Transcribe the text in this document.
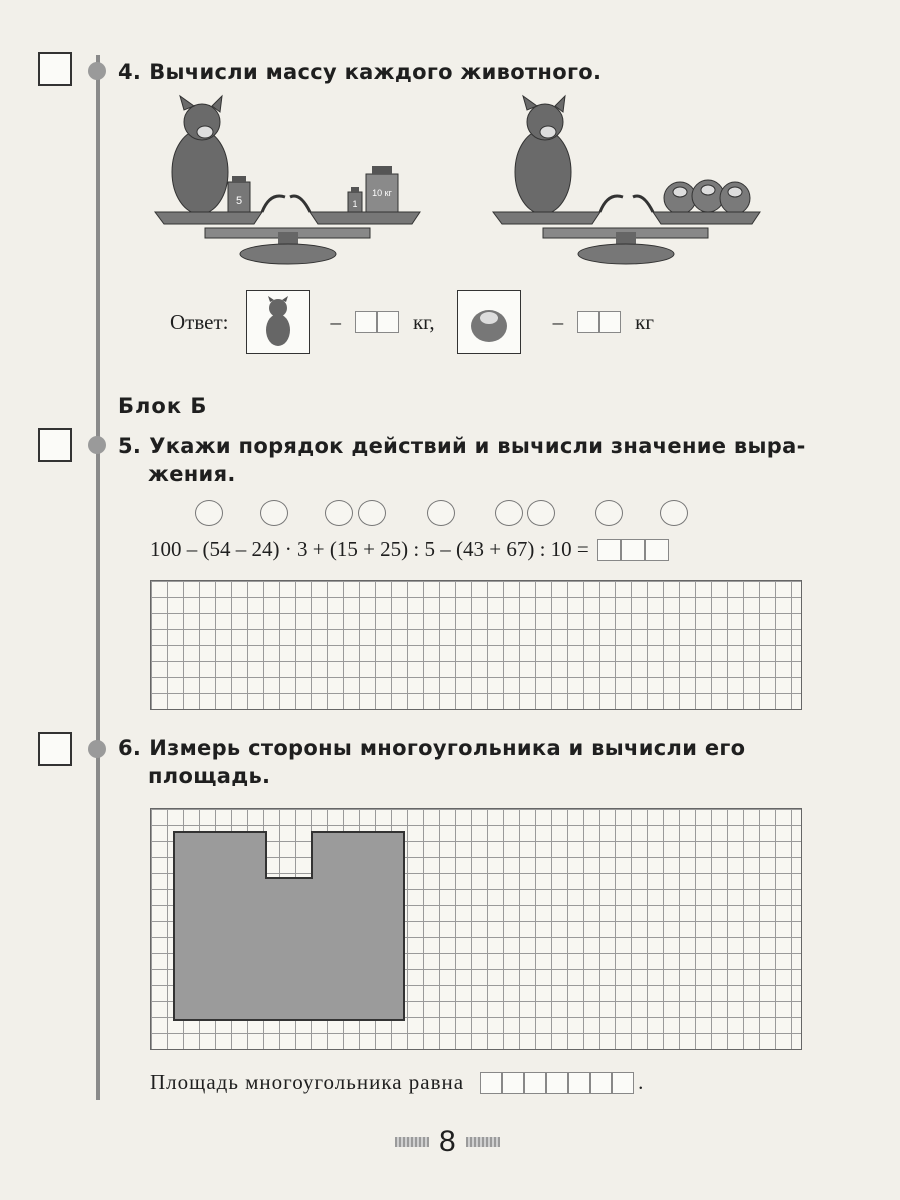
4. Вычисли массу каждого животного.
5	1
10 кг
Ответ:	–	кг,	–	кг
Блок Б
5. Укажи порядок действий и вычисли значение выра-
жения.
100 – (54 – 24) · 3 + (15 + 25) : 5 – (43 + 67) : 10 =
6. Измерь стороны многоугольника и вычисли его
площадь.
Площадь многоугольника равна	.
8
